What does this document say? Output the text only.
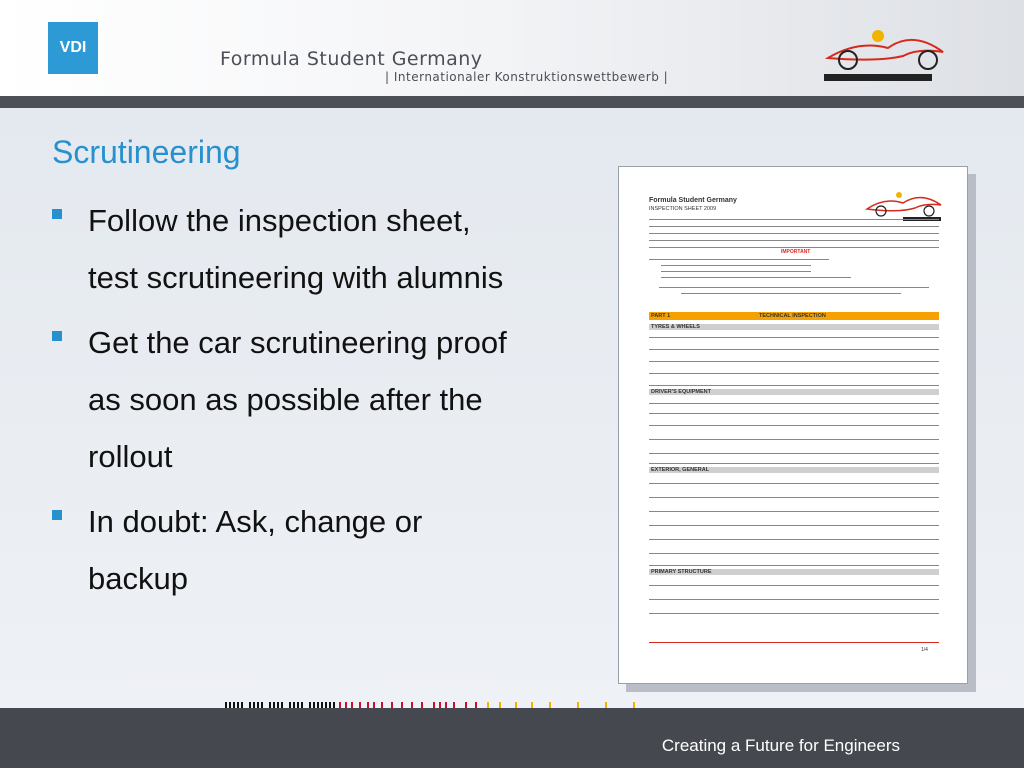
VDI
Formula Student Germany
| Internationaler Konstruktionswettbewerb |
Scrutineering
Follow the inspection sheet, test scrutineering with alumnis
Get the car scrutineering proof as soon as possible after the rollout
In doubt: Ask, change or backup
Formula Student Germany
INSPECTION SHEET 2009
IMPORTANT
PART 1	TECHNICAL INSPECTION
TYRES & WHEELS
DRIVER'S EQUIPMENT
EXTERIOR, GENERAL
PRIMARY STRUCTURE
1/4
Creating a Future for Engineers
